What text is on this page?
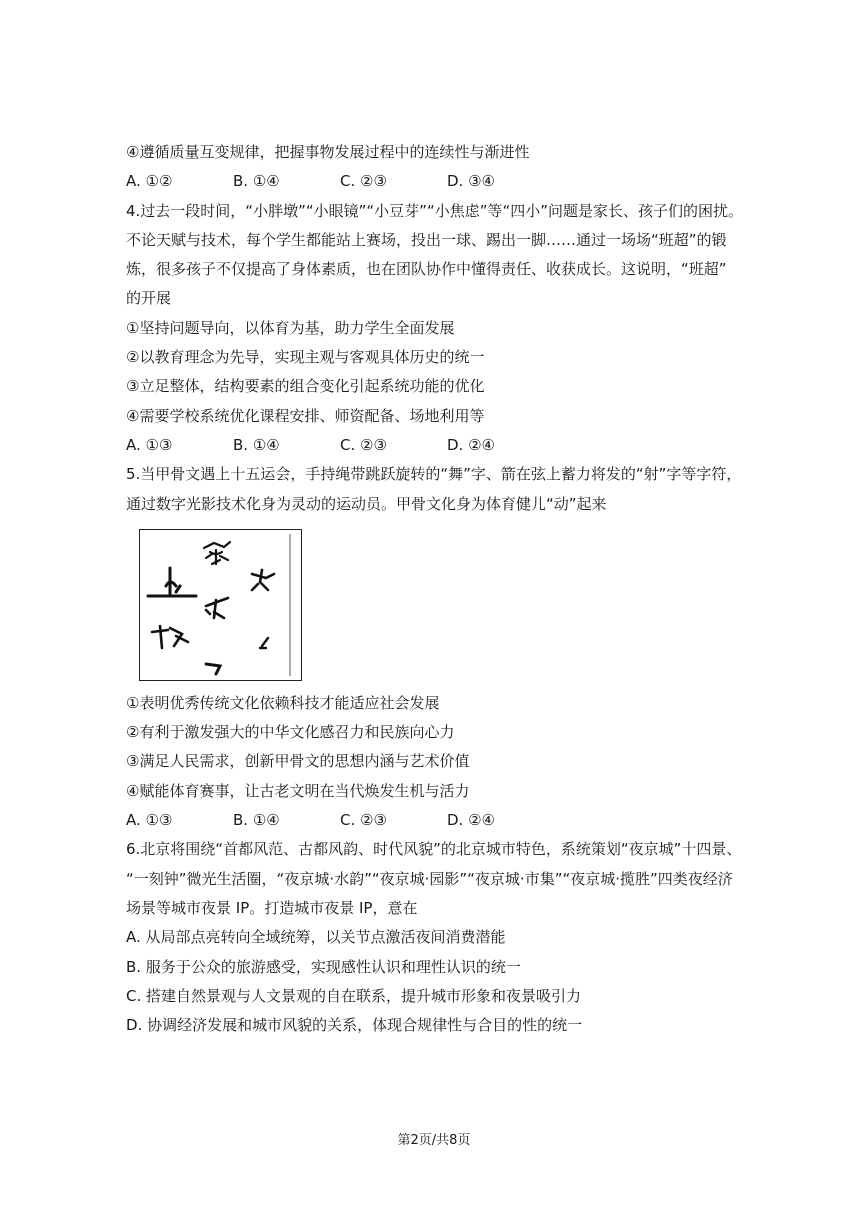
④遵循质量互变规律，把握事物发展过程中的连续性与渐进性
A. ①②	B. ①④	C. ②③	D. ③④
4.过去一段时间，“小胖墩”“小眼镜”“小豆芽”“小焦虑”等“四小”问题是家长、孩子们的困扰。
不论天赋与技术，每个学生都能站上赛场，投出一球、踢出一脚……通过一场场“班超”的锻
炼，很多孩子不仅提高了身体素质，也在团队协作中懂得责任、收获成长。这说明，“班超”
的开展
①坚持问题导向，以体育为基，助力学生全面发展
②以教育理念为先导，实现主观与客观具体历史的统一
③立足整体，结构要素的组合变化引起系统功能的优化
④需要学校系统优化课程安排、师资配备、场地利用等
A. ①③	B. ①④	C. ②③	D. ②④
5.当甲骨文遇上十五运会，手持绳带跳跃旋转的“舞”字、箭在弦上蓄力将发的“射”字等字符，
通过数字光影技术化身为灵动的运动员。甲骨文化身为体育健儿“动”起来
①表明优秀传统文化依赖科技才能适应社会发展
②有利于激发强大的中华文化感召力和民族向心力
③满足人民需求，创新甲骨文的思想内涵与艺术价值
④赋能体育赛事，让古老文明在当代焕发生机与活力
A. ①③	B. ①④	C. ②③	D. ②④
6.北京将围绕“首都风范、古都风韵、时代风貌”的北京城市特色，系统策划“夜京城”十四景、
“一刻钟”微光生活圈，“夜京城·水韵”“夜京城·园影”“夜京城·市集”“夜京城·揽胜”四类夜经济
场景等城市夜景 IP。打造城市夜景 IP，意在
A. 从局部点亮转向全域统筹，以关节点激活夜间消费潜能
B. 服务于公众的旅游感受，实现感性认识和理性认识的统一
C. 搭建自然景观与人文景观的自在联系，提升城市形象和夜景吸引力
D. 协调经济发展和城市风貌的关系，体现合规律性与合目的性的统一
第2页/共8页
